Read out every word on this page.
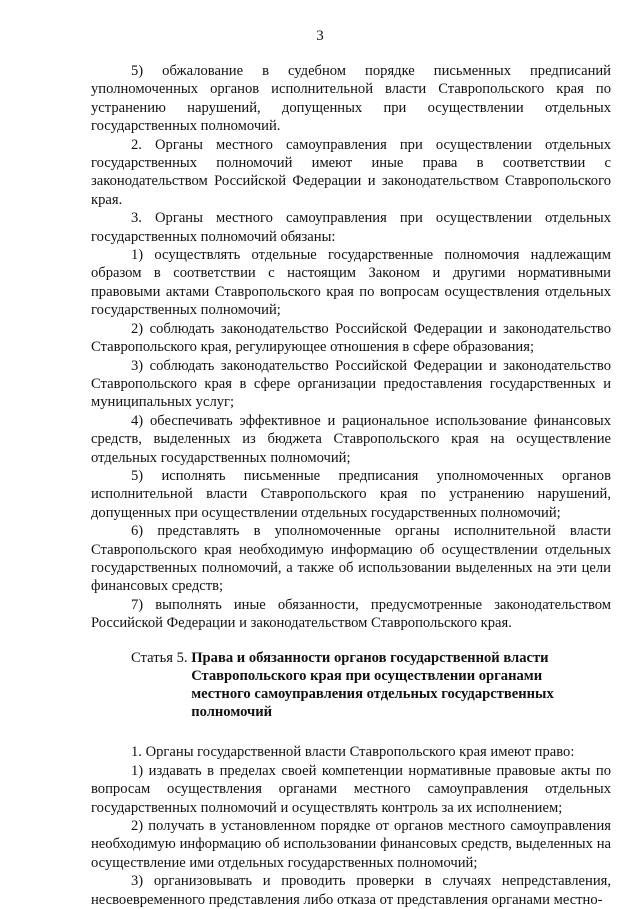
3

5) обжалование в судебном порядке письменных предписаний уполномоченных органов исполнительной власти Ставропольского края по устранению нарушений, допущенных при осуществлении отдельных государственных полномочий.

2. Органы местного самоуправления при осуществлении отдельных государственных полномочий имеют иные права в соответствии с законодательством Российской Федерации и законодательством Ставропольского края.

3. Органы местного самоуправления при осуществлении отдельных государственных полномочий обязаны:

1) осуществлять отдельные государственные полномочия надлежащим образом в соответствии с настоящим Законом и другими нормативными правовыми актами Ставропольского края по вопросам осуществления отдельных государственных полномочий;

2) соблюдать законодательство Российской Федерации и законодательство Ставропольского края, регулирующее отношения в сфере образования;

3) соблюдать законодательство Российской Федерации и законодательство Ставропольского края в сфере организации предоставления государственных и муниципальных услуг;

4) обеспечивать эффективное и рациональное использование финансовых средств, выделенных из бюджета Ставропольского края на осуществление отдельных государственных полномочий;

5) исполнять письменные предписания уполномоченных органов исполнительной власти Ставропольского края по устранению нарушений, допущенных при осуществлении отдельных государственных полномочий;

6) представлять в уполномоченные органы исполнительной власти Ставропольского края необходимую информацию об осуществлении отдельных государственных полномочий, а также об использовании выделенных на эти цели финансовых средств;

7) выполнять иные обязанности, предусмотренные законодательством Российской Федерации и законодательством Ставропольского края.

Статья 5. Права и обязанности органов государственной власти Ставропольского края при осуществлении органами местного самоуправления отдельных государственных полномочий

1. Органы государственной власти Ставропольского края имеют право:

1) издавать в пределах своей компетенции нормативные правовые акты по вопросам осуществления органами местного самоуправления отдельных государственных полномочий и осуществлять контроль за их исполнением;

2) получать в установленном порядке от органов местного самоуправления необходимую информацию об использовании финансовых средств, выделенных на осуществление ими отдельных государственных полномочий;

3) организовывать и проводить проверки в случаях непредставления, несвоевременного представления либо отказа от представления органами местно-
